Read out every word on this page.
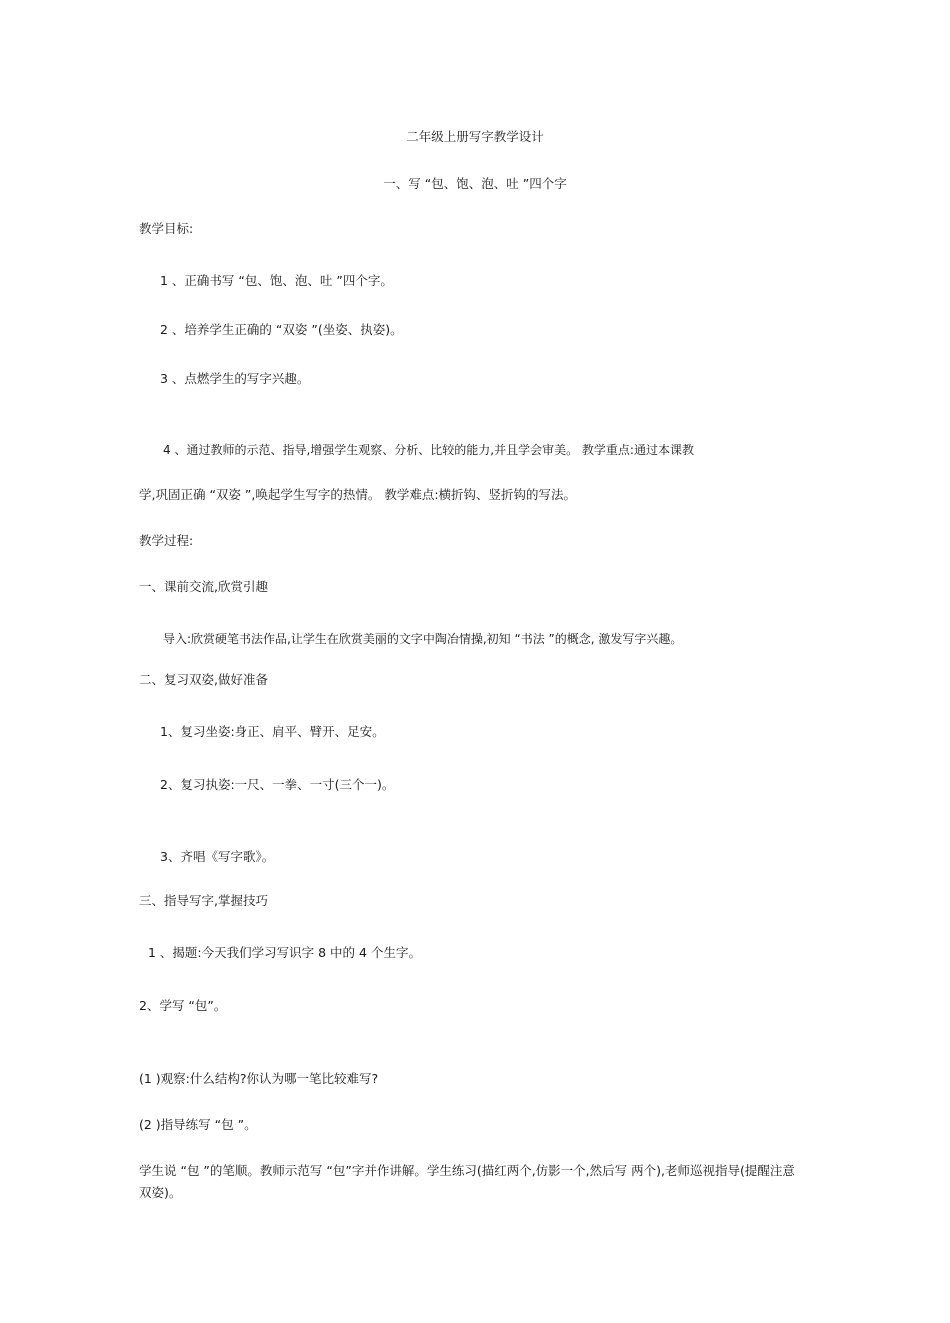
二年级上册写字教学设计
一、写 “包、饱、泡、吐 ”四个字
教学目标:
1 、正确书写 “包、饱、泡、吐 ”四个字。
2 、培养学生正确的 “双姿 ”(坐姿、执姿)。
3 、点燃学生的写字兴趣。
4 、通过教师的示范、指导,增强学生观察、分析、比较的能力,并且学会审美。 教学重点:通过本课教
学,巩固正确 “双姿 ”,唤起学生写字的热情。 教学难点:横折钩、竖折钩的写法。
教学过程:
一、课前交流,欣赏引趣
导入:欣赏硬笔书法作品,让学生在欣赏美丽的文字中陶冶情操,初知 “书法 ”的概念, 激发写字兴趣。
二、复习双姿,做好准备
1、复习坐姿:身正、肩平、臂开、足安。
2、复习执姿:一尺、一拳、一寸(三个一)。
3、齐唱《写字歌》。
三、指导写字,掌握技巧
1 、揭题:今天我们学习写识字 8 中的 4 个生字。
2、学写 “包”。
(1 )观察:什么结构?你认为哪一笔比较难写?
(2 )指导练写 “包 ”。
学生说 “包 ”的笔顺。教师示范写 “包”字并作讲解。学生练习(描红两个,仿影一个,然后写 两个),老师巡视指导(提醒注意双姿)。
